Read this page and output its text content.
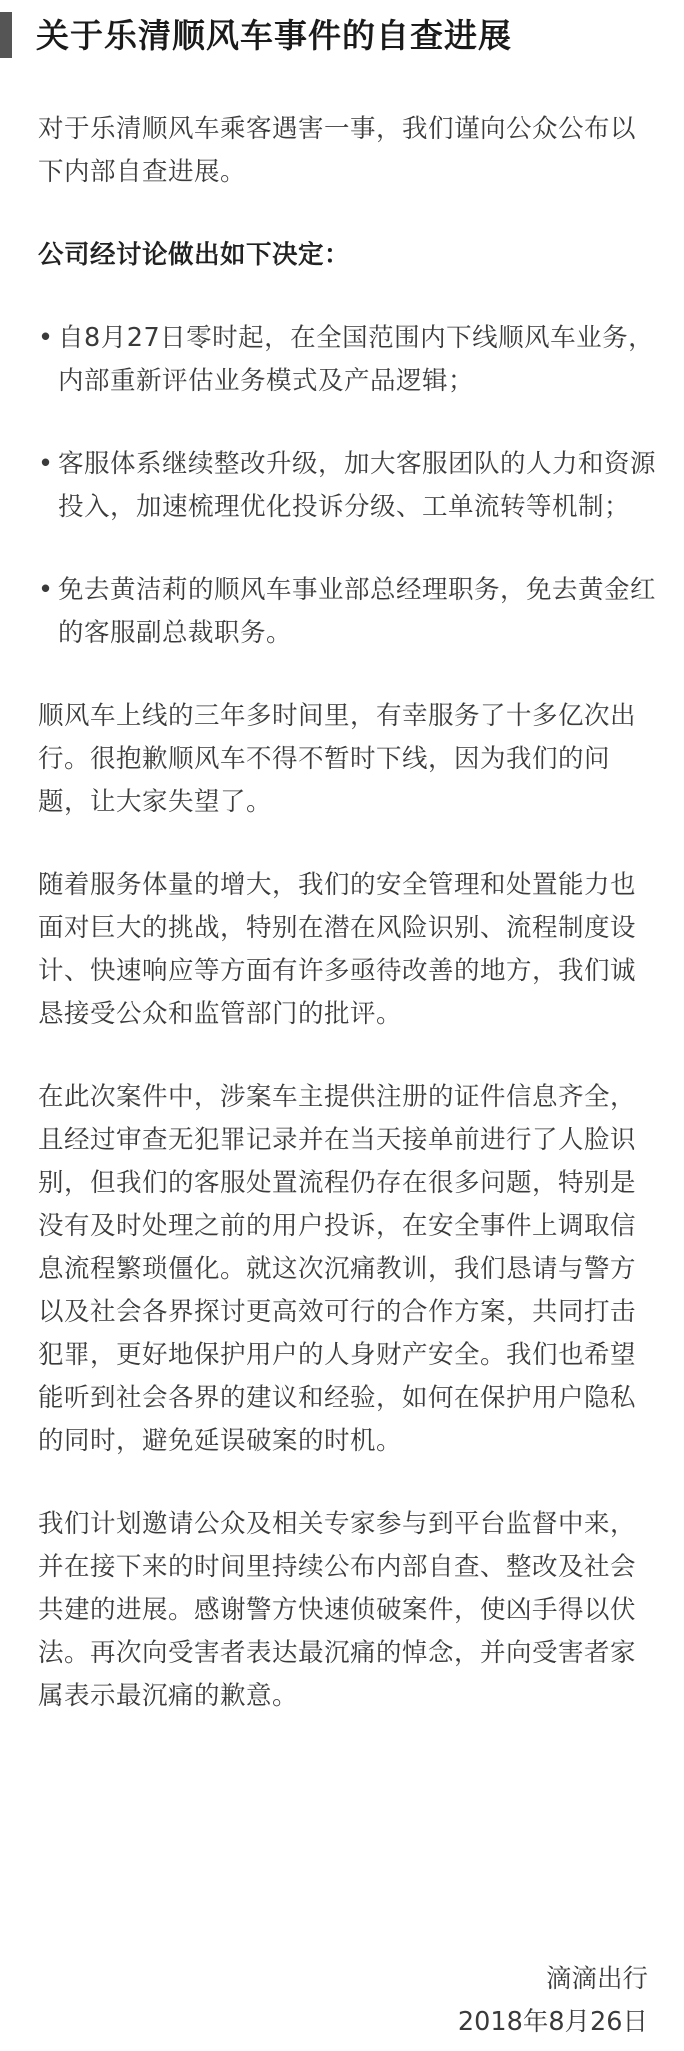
关于乐清顺风车事件的自查进展

对于乐清顺风车乘客遇害一事，我们谨向公众公布以下内部自查进展。

公司经讨论做出如下决定：

• 自8月27日零时起，在全国范围内下线顺风车业务，内部重新评估业务模式及产品逻辑；
• 客服体系继续整改升级，加大客服团队的人力和资源投入，加速梳理优化投诉分级、工单流转等机制；
• 免去黄洁莉的顺风车事业部总经理职务，免去黄金红的客服副总裁职务。

顺风车上线的三年多时间里，有幸服务了十多亿次出行。很抱歉顺风车不得不暂时下线，因为我们的问题，让大家失望了。

随着服务体量的增大，我们的安全管理和处置能力也面对巨大的挑战，特别在潜在风险识别、流程制度设计、快速响应等方面有许多亟待改善的地方，我们诚恳接受公众和监管部门的批评。

在此次案件中，涉案车主提供注册的证件信息齐全，且经过审查无犯罪记录并在当天接单前进行了人脸识别，但我们的客服处置流程仍存在很多问题，特别是没有及时处理之前的用户投诉，在安全事件上调取信息流程繁琐僵化。就这次沉痛教训，我们恳请与警方以及社会各界探讨更高效可行的合作方案，共同打击犯罪，更好地保护用户的人身财产安全。我们也希望能听到社会各界的建议和经验，如何在保护用户隐私的同时，避免延误破案的时机。

我们计划邀请公众及相关专家参与到平台监督中来，并在接下来的时间里持续公布内部自查、整改及社会共建的进展。感谢警方快速侦破案件，使凶手得以伏法。再次向受害者表达最沉痛的悼念，并向受害者家属表示最沉痛的歉意。

滴滴出行
2018年8月26日
